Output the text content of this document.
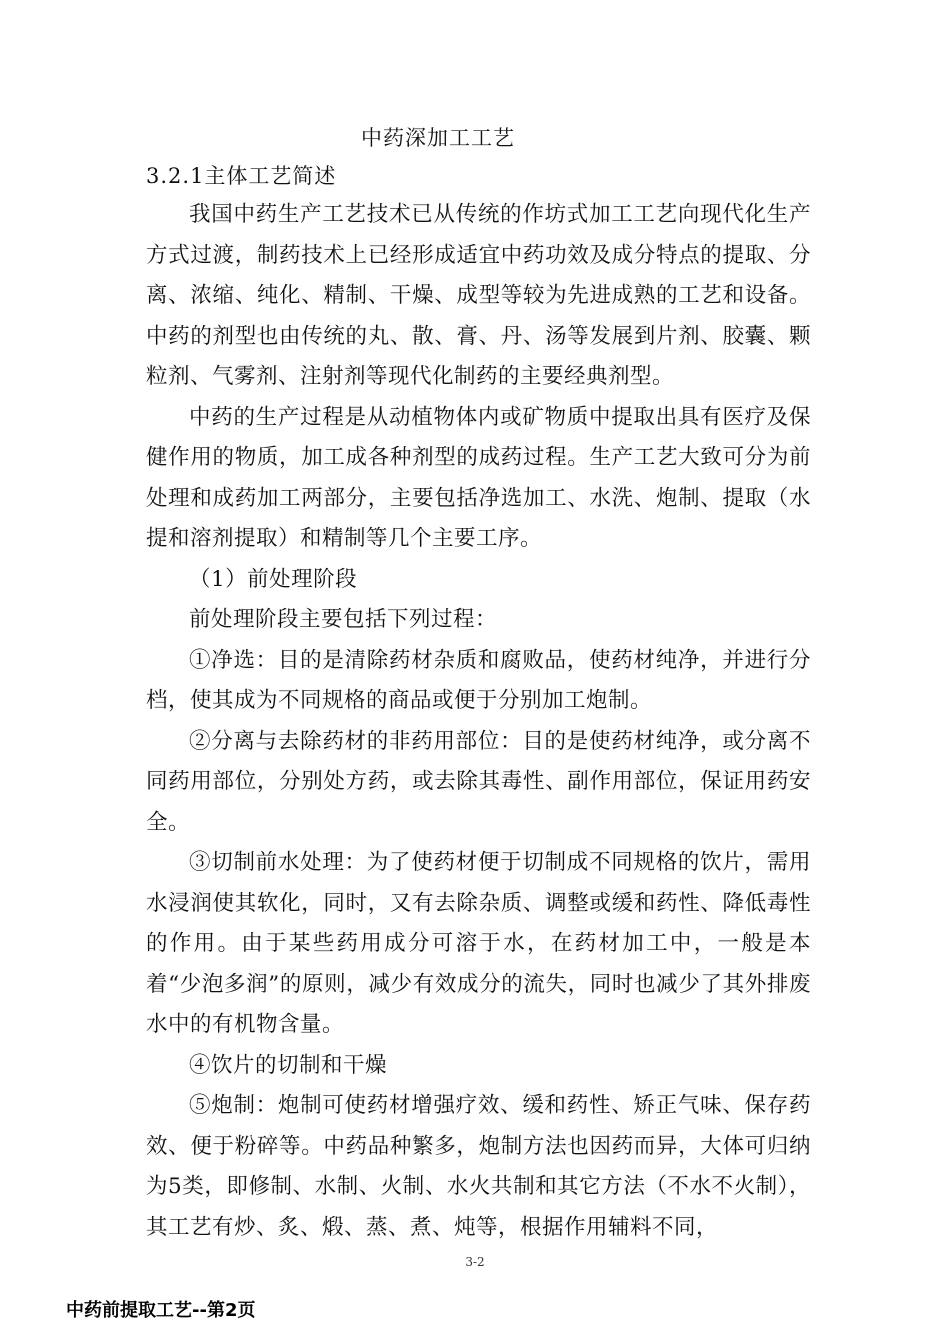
中药深加工工艺
3.2.1主体工艺简述

我国中药生产工艺技术已从传统的作坊式加工工艺向现代化生产方式过渡，制药技术上已经形成适宜中药功效及成分特点的提取、分离、浓缩、纯化、精制、干燥、成型等较为先进成熟的工艺和设备。中药的剂型也由传统的丸、散、膏、丹、汤等发展到片剂、胶囊、颗粒剂、气雾剂、注射剂等现代化制药的主要经典剂型。

中药的生产过程是从动植物体内或矿物质中提取出具有医疗及保健作用的物质，加工成各种剂型的成药过程。生产工艺大致可分为前处理和成药加工两部分，主要包括净选加工、水洗、炮制、提取（水提和溶剂提取）和精制等几个主要工序。

（1）前处理阶段

前处理阶段主要包括下列过程：

①净选：目的是清除药材杂质和腐败品，使药材纯净，并进行分档，使其成为不同规格的商品或便于分别加工炮制。

②分离与去除药材的非药用部位：目的是使药材纯净，或分离不同药用部位，分别处方药，或去除其毒性、副作用部位，保证用药安全。

③切制前水处理：为了使药材便于切制成不同规格的饮片，需用水浸润使其软化，同时，又有去除杂质、调整或缓和药性、降低毒性的作用。由于某些药用成分可溶于水，在药材加工中，一般是本着“少泡多润”的原则，减少有效成分的流失，同时也减少了其外排废水中的有机物含量。

④饮片的切制和干燥

⑤炮制：炮制可使药材增强疗效、缓和药性、矫正气味、保存药效、便于粉碎等。中药品种繁多，炮制方法也因药而异，大体可归纳为5类，即修制、水制、火制、水火共制和其它方法（不水不火制），其工艺有炒、炙、煅、蒸、煮、炖等，根据作用辅料不同，

3-2
中药前提取工艺--第2页
